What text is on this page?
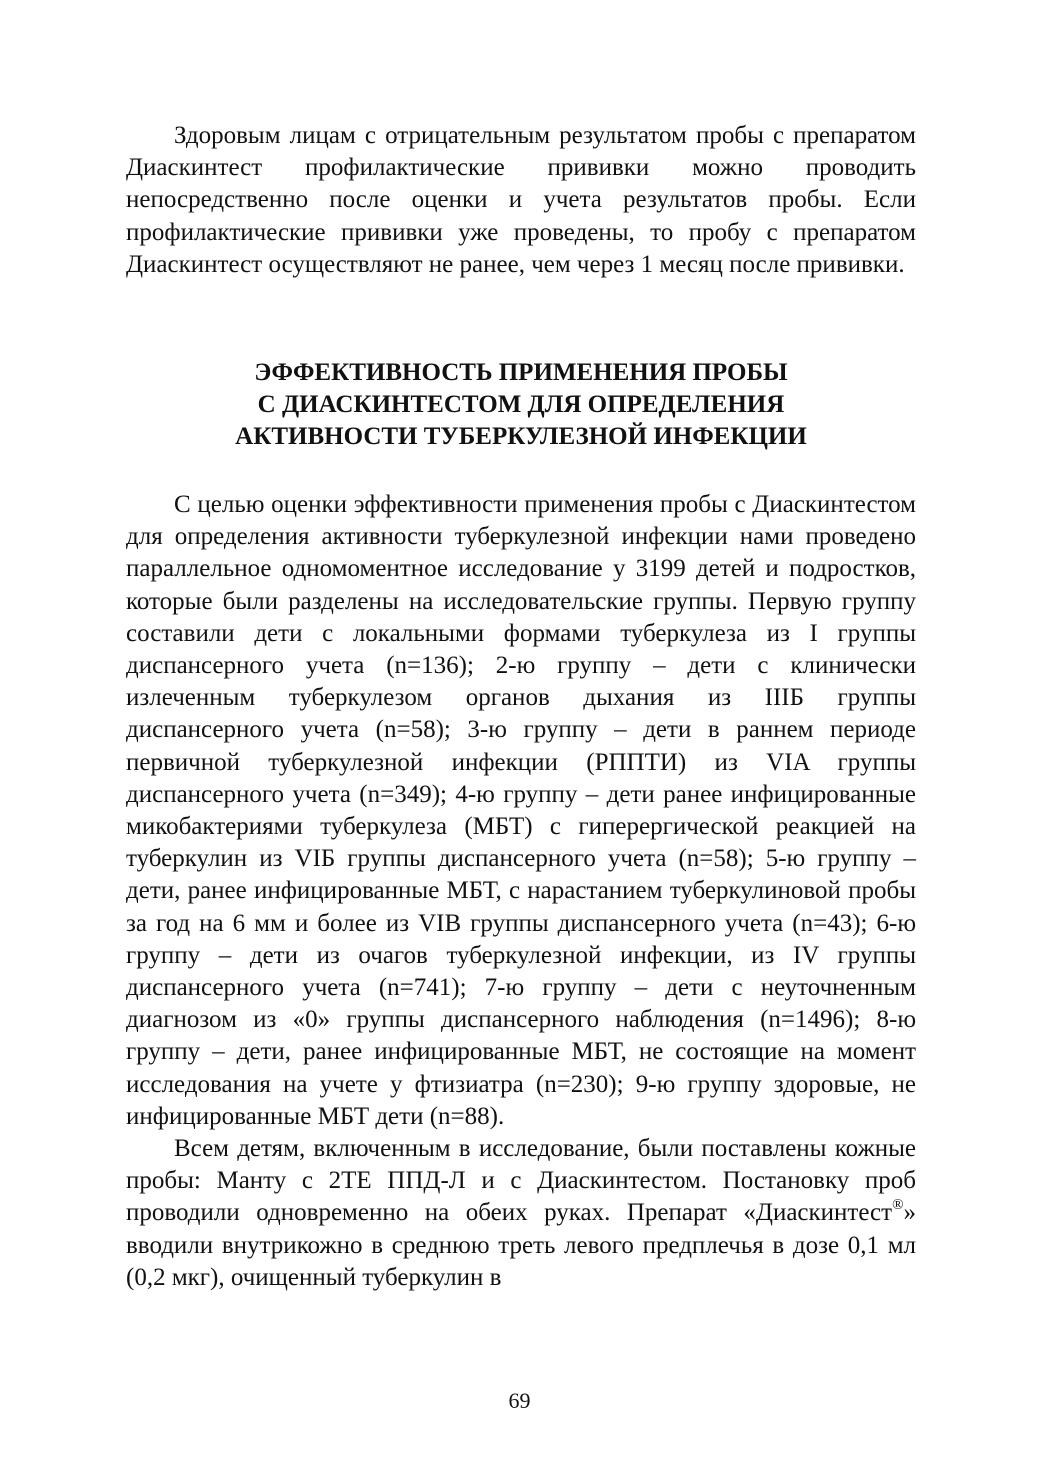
Здоровым лицам с отрицательным результатом пробы с препаратом Диаскинтест профилактические прививки можно проводить непосредственно после оценки и учета результатов пробы. Если профилактические прививки уже проведены, то пробу с препаратом Диаскинтест осуществляют не ранее, чем через 1 месяц после прививки.

ЭФФЕКТИВНОСТЬ ПРИМЕНЕНИЯ ПРОБЫ
С ДИАСКИНТЕСТОМ ДЛЯ ОПРЕДЕЛЕНИЯ
АКТИВНОСТИ ТУБЕРКУЛЕЗНОЙ ИНФЕКЦИИ

С целью оценки эффективности применения пробы с Диаскинтестом для определения активности туберкулезной инфекции нами проведено параллельное одномоментное исследование у 3199 детей и подростков, которые были разделены на исследовательские группы. Первую группу составили дети с локальными формами туберкулеза из I группы диспансерного учета (n=136); 2-ю группу – дети с клинически излеченным туберкулезом органов дыхания из IIIБ группы диспансерного учета (n=58); 3-ю группу – дети в раннем периоде первичной туберкулезной инфекции (РППТИ) из VIA группы диспансерного учета (n=349); 4-ю группу – дети ранее инфицированные микобактериями туберкулеза (МБТ) с гиперергической реакцией на туберкулин из VIБ группы диспансерного учета (n=58); 5-ю группу – дети, ранее инфицированные МБТ, с нарастанием туберкулиновой пробы за год на 6 мм и более из VIB группы диспансерного учета (n=43); 6-ю группу – дети из очагов туберкулезной инфекции, из IV группы диспансерного учета (n=741); 7-ю группу – дети с неуточненным диагнозом из «0» группы диспансерного наблюдения (n=1496); 8-ю группу – дети, ранее инфицированные МБТ, не состоящие на момент исследования на учете у фтизиатра (n=230); 9-ю группу здоровые, не инфицированные МБТ дети (n=88).

Всем детям, включенным в исследование, были поставлены кожные пробы: Манту с 2ТЕ ППД-Л и с Диаскинтестом. Постановку проб проводили одновременно на обеих руках. Препарат «Диаскинтест®» вводили внутрикожно в среднюю треть левого предплечья в дозе 0,1 мл (0,2 мкг), очищенный туберкулин в

69
